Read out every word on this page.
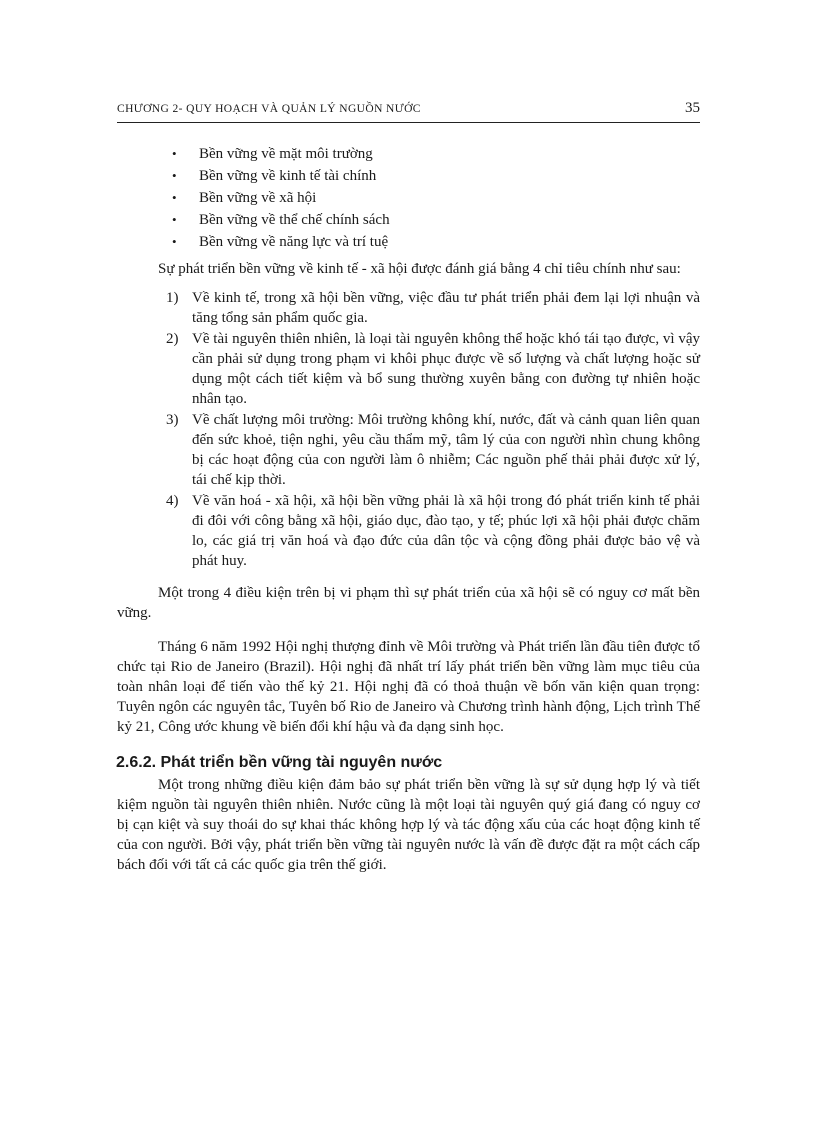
CHƯƠNG 2- QUY HOẠCH VÀ QUẢN LÝ NGUỒN NƯỚC	35
• Bền vững về mặt môi trường
• Bền vững về kinh tế tài chính
• Bền vững về xã hội
• Bền vững về thể chế chính sách
• Bền vững về năng lực và trí tuệ

Sự phát triển bền vững về kinh tế - xã hội được đánh giá bằng 4 chỉ tiêu chính như sau:

1) Về kinh tế, trong xã hội bền vững, việc đầu tư phát triển phải đem lại lợi nhuận và tăng tổng sản phẩm quốc gia.
2) Về tài nguyên thiên nhiên, là loại tài nguyên không thể hoặc khó tái tạo được, vì vậy cần phải sử dụng trong phạm vi khôi phục được về số lượng và chất lượng hoặc sử dụng một cách tiết kiệm và bổ sung thường xuyên bằng con đường tự nhiên hoặc nhân tạo.
3) Về chất lượng môi trường: Môi trường không khí, nước, đất và cảnh quan liên quan đến sức khoẻ, tiện nghi, yêu cầu thẩm mỹ, tâm lý của con người nhìn chung không bị các hoạt động của con người làm ô nhiễm; Các nguồn phế thải phải được xử lý, tái chế kịp thời.
4) Về văn hoá - xã hội, xã hội bền vững phải là xã hội trong đó phát triển kinh tế phải đi đôi với công bằng xã hội, giáo dục, đào tạo, y tế; phúc lợi xã hội phải được chăm lo, các giá trị văn hoá và đạo đức của dân tộc và cộng đồng phải được bảo vệ và phát huy.

Một trong 4 điều kiện trên bị vi phạm thì sự phát triển của xã hội sẽ có nguy cơ mất bền vững.

Tháng 6 năm 1992 Hội nghị thượng đỉnh về Môi trường và Phát triển lần đầu tiên được tổ chức tại Rio de Janeiro (Brazil). Hội nghị đã nhất trí lấy phát triển bền vững làm mục tiêu của toàn nhân loại để tiến vào thế kỷ 21. Hội nghị đã có thoả thuận về bốn văn kiện quan trọng: Tuyên ngôn các nguyên tắc, Tuyên bố Rio de Janeiro và Chương trình hành động, Lịch trình Thế kỷ 21, Công ước khung về biến đổi khí hậu và đa dạng sinh học.

2.6.2. Phát triển bền vững tài nguyên nước

Một trong những điều kiện đảm bảo sự phát triển bền vững là sự sử dụng hợp lý và tiết kiệm nguồn tài nguyên thiên nhiên. Nước cũng là một loại tài nguyên quý giá đang có nguy cơ bị cạn kiệt và suy thoái do sự khai thác không hợp lý và tác động xấu của các hoạt động kinh tế của con người. Bởi vậy, phát triển bền vững tài nguyên nước là vấn đề được đặt ra một cách cấp bách đối với tất cả các quốc gia trên thế giới.
